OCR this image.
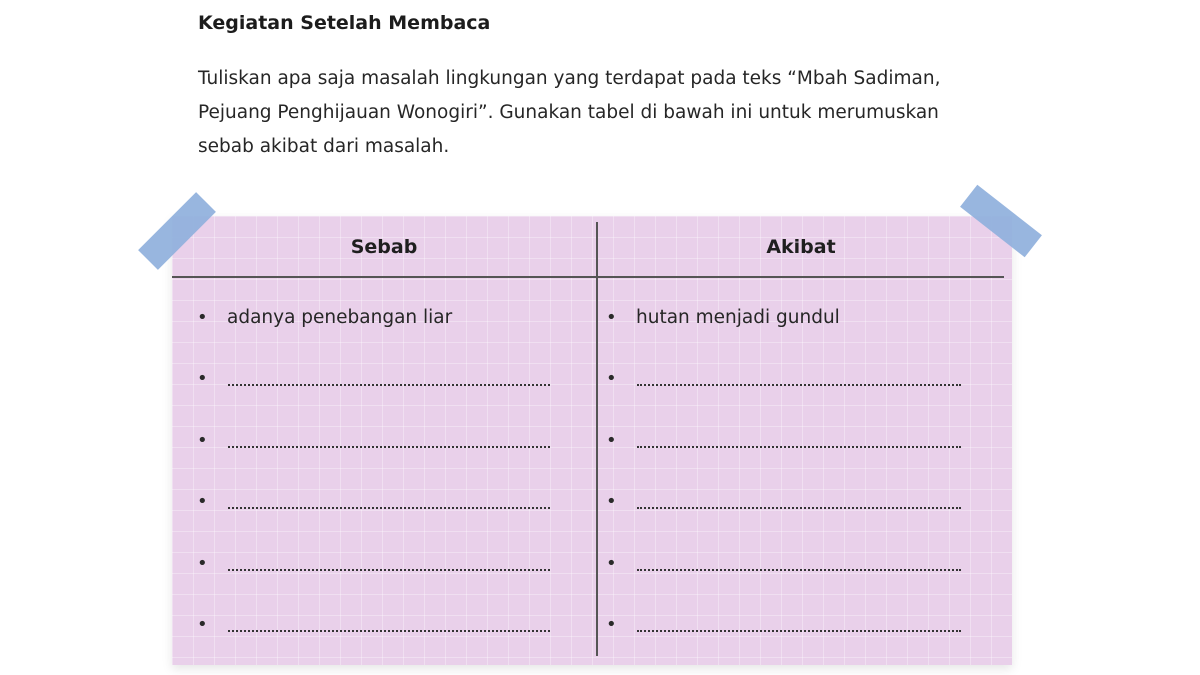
Kegiatan Setelah Membaca
Tuliskan apa saja masalah lingkungan yang terdapat pada teks “Mbah Sadiman,
Pejuang Penghijauan Wonogiri”. Gunakan tabel di bawah ini untuk merumuskan
sebab akibat dari masalah.
Sebab	Akibat
• adanya penebangan liar
•
•
•
•
•
• hutan menjadi gundul
•
•
•
•
•
